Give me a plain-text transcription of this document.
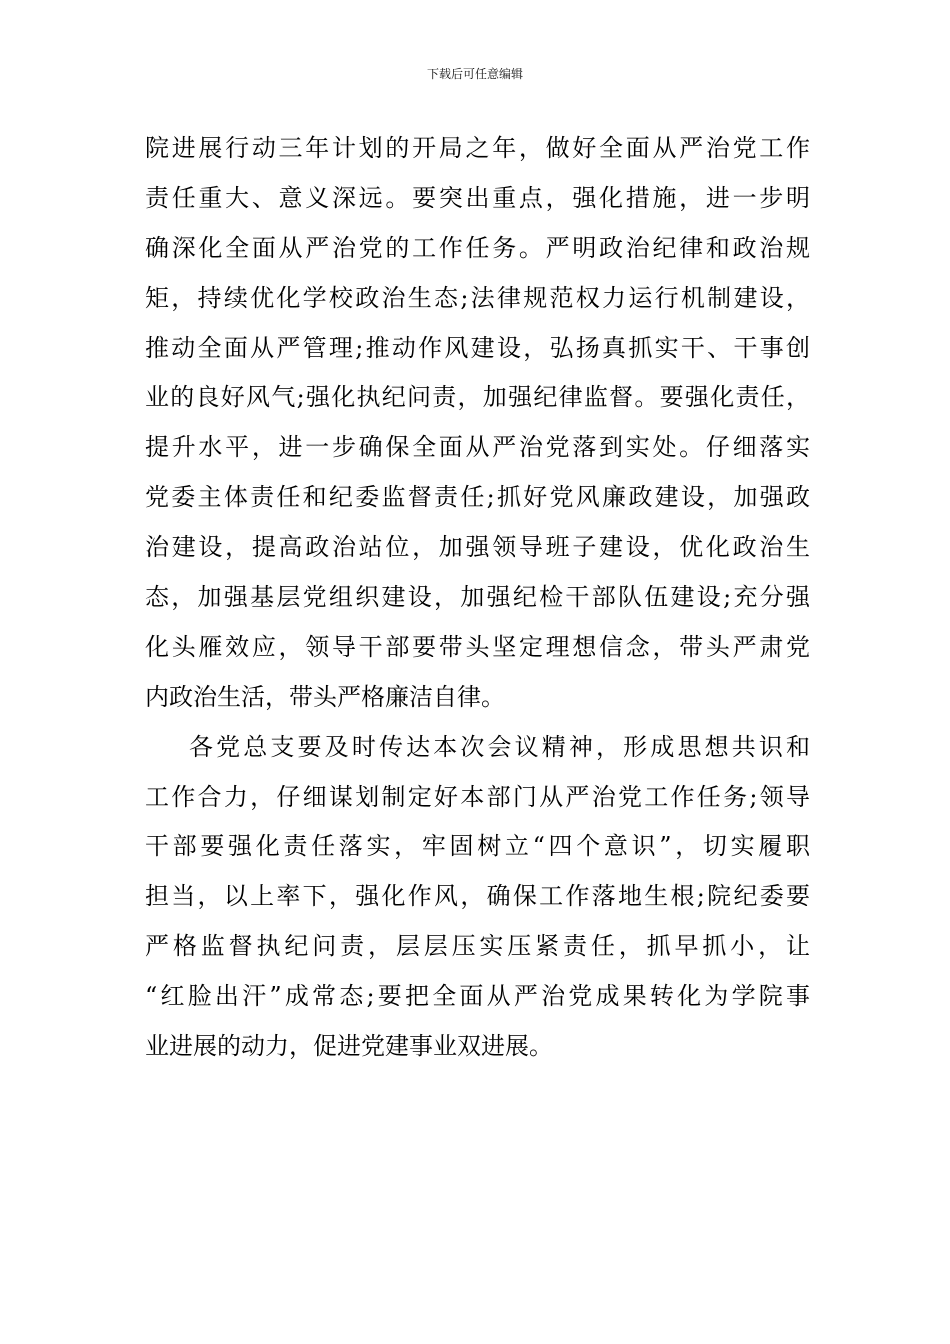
下载后可任意编辑
院进展行动三年计划的开局之年，做好全面从严治党工作
责任重大、意义深远。要突出重点，强化措施，进一步明
确深化全面从严治党的工作任务。严明政治纪律和政治规
矩，持续优化学校政治生态;法律规范权力运行机制建设，
推动全面从严管理;推动作风建设，弘扬真抓实干、干事创
业的良好风气;强化执纪问责，加强纪律监督。要强化责任，
提升水平，进一步确保全面从严治党落到实处。仔细落实
党委主体责任和纪委监督责任;抓好党风廉政建设，加强政
治建设，提高政治站位，加强领导班子建设，优化政治生
态，加强基层党组织建设，加强纪检干部队伍建设;充分强
化头雁效应，领导干部要带头坚定理想信念，带头严肃党
内政治生活，带头严格廉洁自律。
各党总支要及时传达本次会议精神，形成思想共识和
工作合力，仔细谋划制定好本部门从严治党工作任务;领导
干部要强化责任落实，牢固树立“四个意识”，切实履职
担当，以上率下，强化作风，确保工作落地生根;院纪委要
严格监督执纪问责，层层压实压紧责任，抓早抓小，让
“红脸出汗”成常态;要把全面从严治党成果转化为学院事
业进展的动力，促进党建事业双进展。
